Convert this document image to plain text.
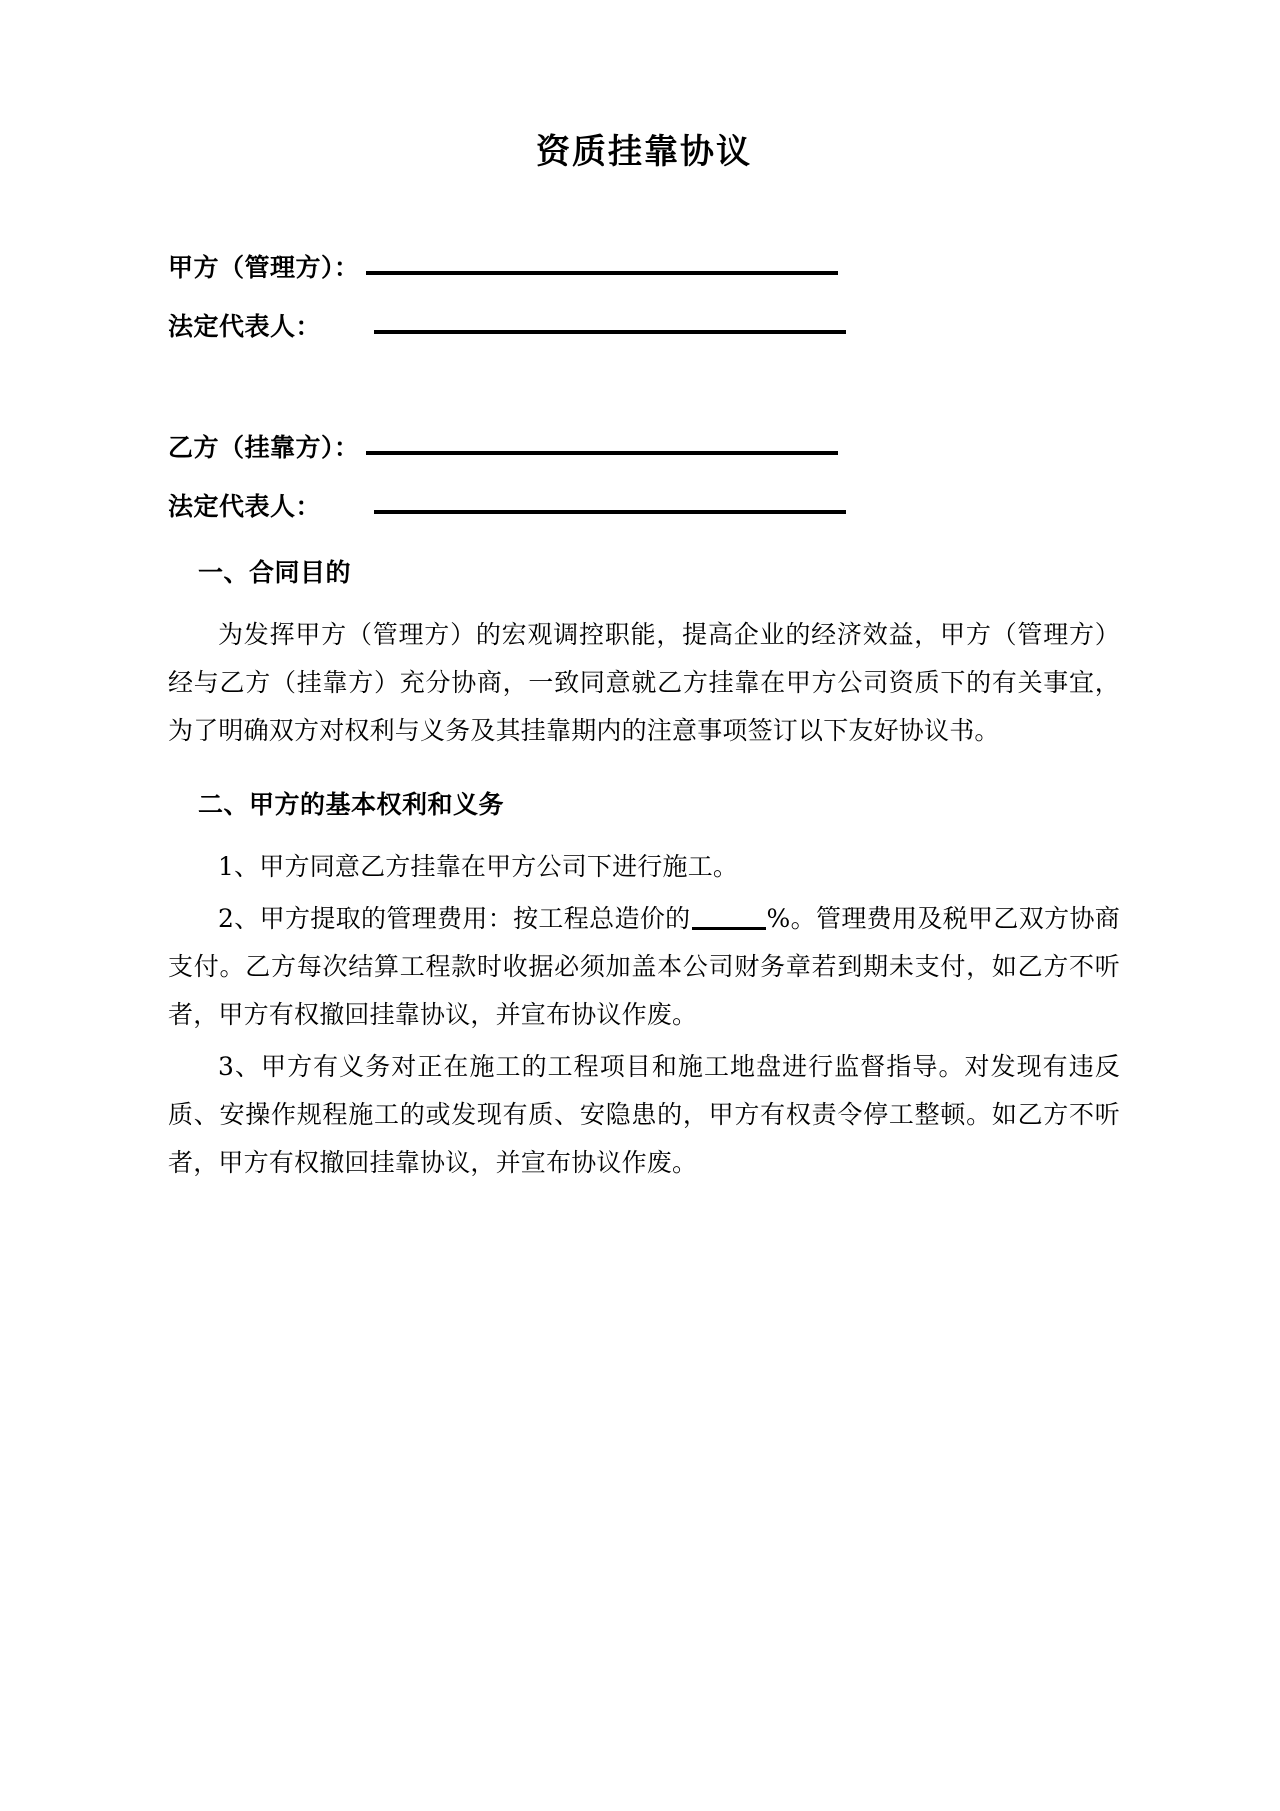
资质挂靠协议
甲方（管理方）：
法定代表人：
乙方（挂靠方）：
法定代表人：
一、合同目的

为发挥甲方（管理方）的宏观调控职能，提高企业的经济效益，甲方（管理方）经与乙方（挂靠方）充分协商，一致同意就乙方挂靠在甲方公司资质下的有关事宜，为了明确双方对权利与义务及其挂靠期内的注意事项签订以下友好协议书。

二、甲方的基本权利和义务

1、甲方同意乙方挂靠在甲方公司下进行施工。

2、甲方提取的管理费用：按工程总造价的	%。管理费用及税甲乙双方协商支付。乙方每次结算工程款时收据必须加盖本公司财务章若到期未支付，如乙方不听者，甲方有权撤回挂靠协议，并宣布协议作废。

3、甲方有义务对正在施工的工程项目和施工地盘进行监督指导。对发现有违反质、安操作规程施工的或发现有质、安隐患的，甲方有权责令停工整顿。如乙方不听者，甲方有权撤回挂靠协议，并宣布协议作废。
